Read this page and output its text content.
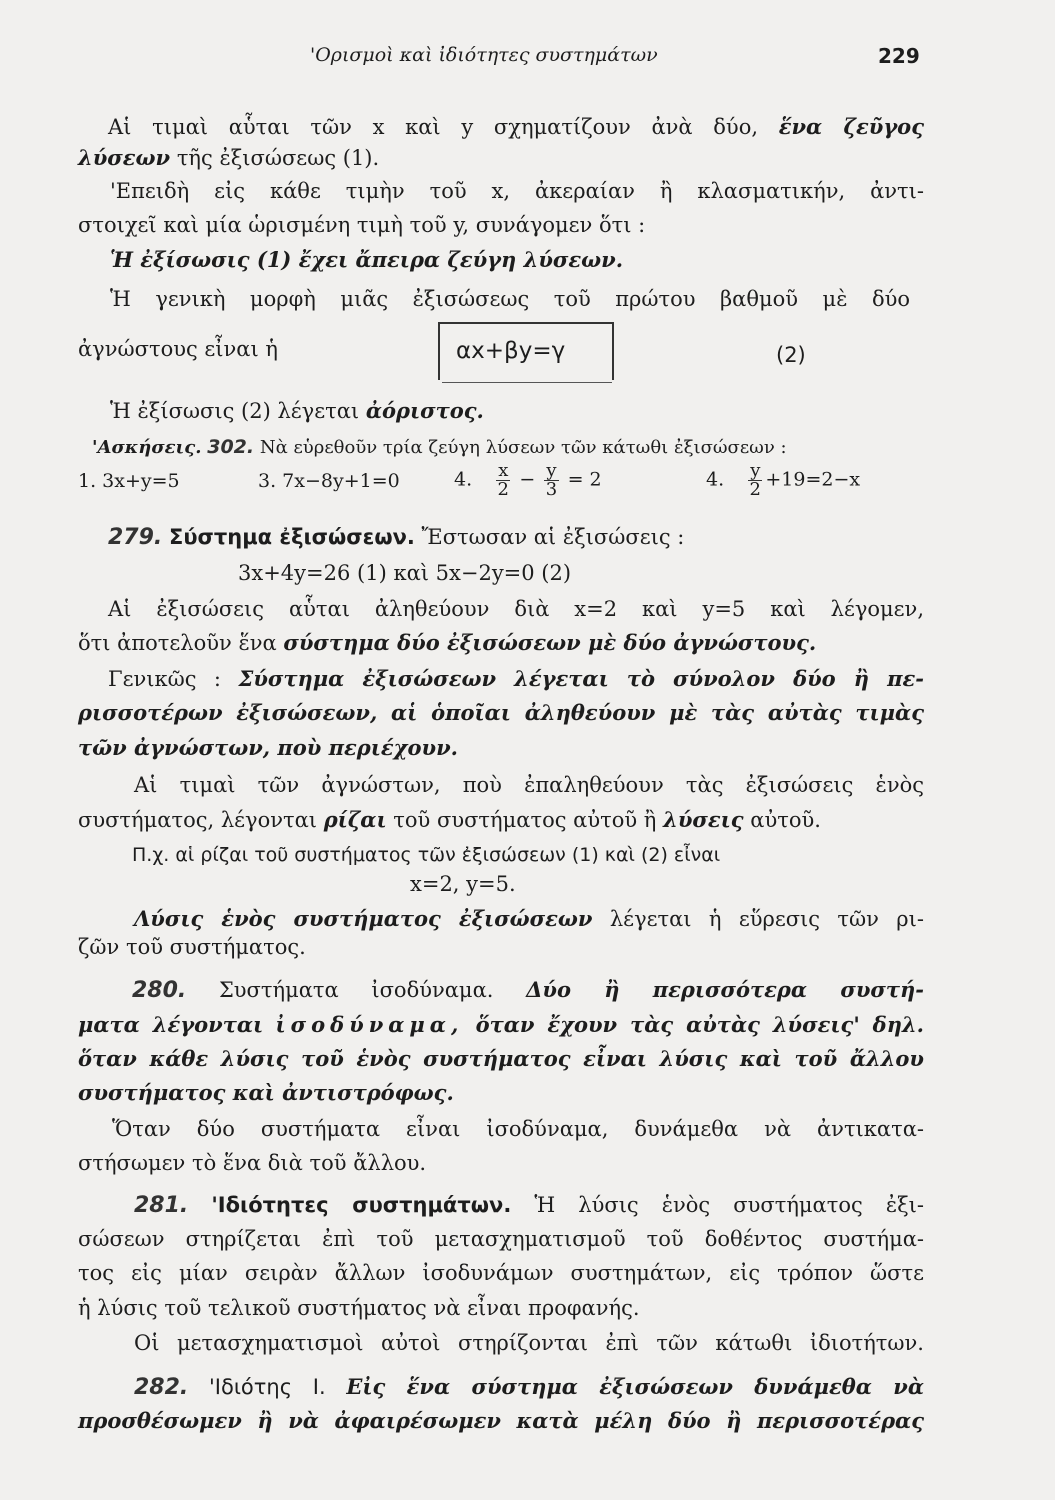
'Ορισμοὶ καὶ ἰδιότητες συστημάτων	229
Αἱ τιμαὶ αὗται τῶν x καὶ y σχηματίζουν ἀνὰ δύο, ἕνα ζεῦγος
λύσεων τῆς ἐξισώσεως (1).
'Επειδὴ εἰς κάθε τιμὴν τοῦ x, ἀκεραίαν ἢ κλασματικήν, ἀντι-
στοιχεῖ καὶ μία ὡρισμένη τιμὴ τοῦ y, συνάγομεν ὅτι :
Ἡ ἐξίσωσις (1) ἔχει ἄπειρα ζεύγη λύσεων.
Ἡ γενικὴ μορφὴ μιᾶς ἐξισώσεως τοῦ πρώτου βαθμοῦ μὲ δύο
ἀγνώστους εἶναι ἡ	αx+βy=γ	(2)
Ἡ ἐξίσωσις (2) λέγεται ἀόριστος.
'Ασκήσεις. 302. Νὰ εὑρεθοῦν τρία ζεύγη λύσεων τῶν κάτωθι ἐξισώσεων :
1. 3x+y=5	3. 7x−8y+1=0	4. $\frac{x}{2} - \frac{y}{3} = 2$	4. $\frac{y}{2} +19=2-x$
279. Σύστημα ἐξισώσεων. Ἔστωσαν αἱ ἐξισώσεις :
3x+4y=26 (1) καὶ 5x−2y=0 (2)
Αἱ ἐξισώσεις αὗται ἀληθεύουν διὰ x=2 καὶ y=5 καὶ λέγομεν,
ὅτι ἀποτελοῦν ἕνα σύστημα δύο ἐξισώσεων μὲ δύο ἀγνώστους.
Γενικῶς : Σύστημα ἐξισώσεων λέγεται τὸ σύνολον δύο ἢ πε-
ρισσοτέρων ἐξισώσεων, αἱ ὁποῖαι ἀληθεύουν μὲ τὰς αὐτὰς τιμὰς
τῶν ἀγνώστων, ποὺ περιέχουν.
Αἱ τιμαὶ τῶν ἀγνώστων, ποὺ ἐπαληθεύουν τὰς ἐξισώσεις ἑνὸς
συστήματος, λέγονται ρίζαι τοῦ συστήματος αὐτοῦ ἢ λύσεις αὐτοῦ.
Π.χ. αἱ ρίζαι τοῦ συστήματος τῶν ἐξισώσεων (1) καὶ (2) εἶναι
x=2, y=5.
Λύσις ἑνὸς συστήματος ἐξισώσεων λέγεται ἡ εὕρεσις τῶν ρι-
ζῶν τοῦ συστήματος.
280. Συστήματα ἰσοδύναμα. Δύο ἢ περισσότερα συστή-
ματα λέγονται ἰσοδύναμα, ὅταν ἔχουν τὰς αὐτὰς λύσεις' δηλ.
ὅταν κάθε λύσις τοῦ ἑνὸς συστήματος εἶναι λύσις καὶ τοῦ ἄλλου
συστήματος καὶ ἀντιστρόφως.
Ὅταν δύο συστήματα εἶναι ἰσοδύναμα, δυνάμεθα νὰ ἀντικατα-
στήσωμεν τὸ ἕνα διὰ τοῦ ἄλλου.
281. 'Ιδιότητες συστημάτων. Ἡ λύσις ἑνὸς συστήματος ἐξι-
σώσεων στηρίζεται ἐπὶ τοῦ μετασχηματισμοῦ τοῦ δοθέντος συστήμα-
τος εἰς μίαν σειρὰν ἄλλων ἰσοδυνάμων συστημάτων, εἰς τρόπον ὥστε
ἡ λύσις τοῦ τελικοῦ συστήματος νὰ εἶναι προφανής.
Οἱ μετασχηματισμοὶ αὐτοὶ στηρίζονται ἐπὶ τῶν κάτωθι ἰδιοτήτων.
282. 'Ιδιότης I. Εἰς ἕνα σύστημα ἐξισώσεων δυνάμεθα νὰ
προσθέσωμεν ἢ νὰ ἀφαιρέσωμεν κατὰ μέλη δύο ἢ περισσοτέρας
